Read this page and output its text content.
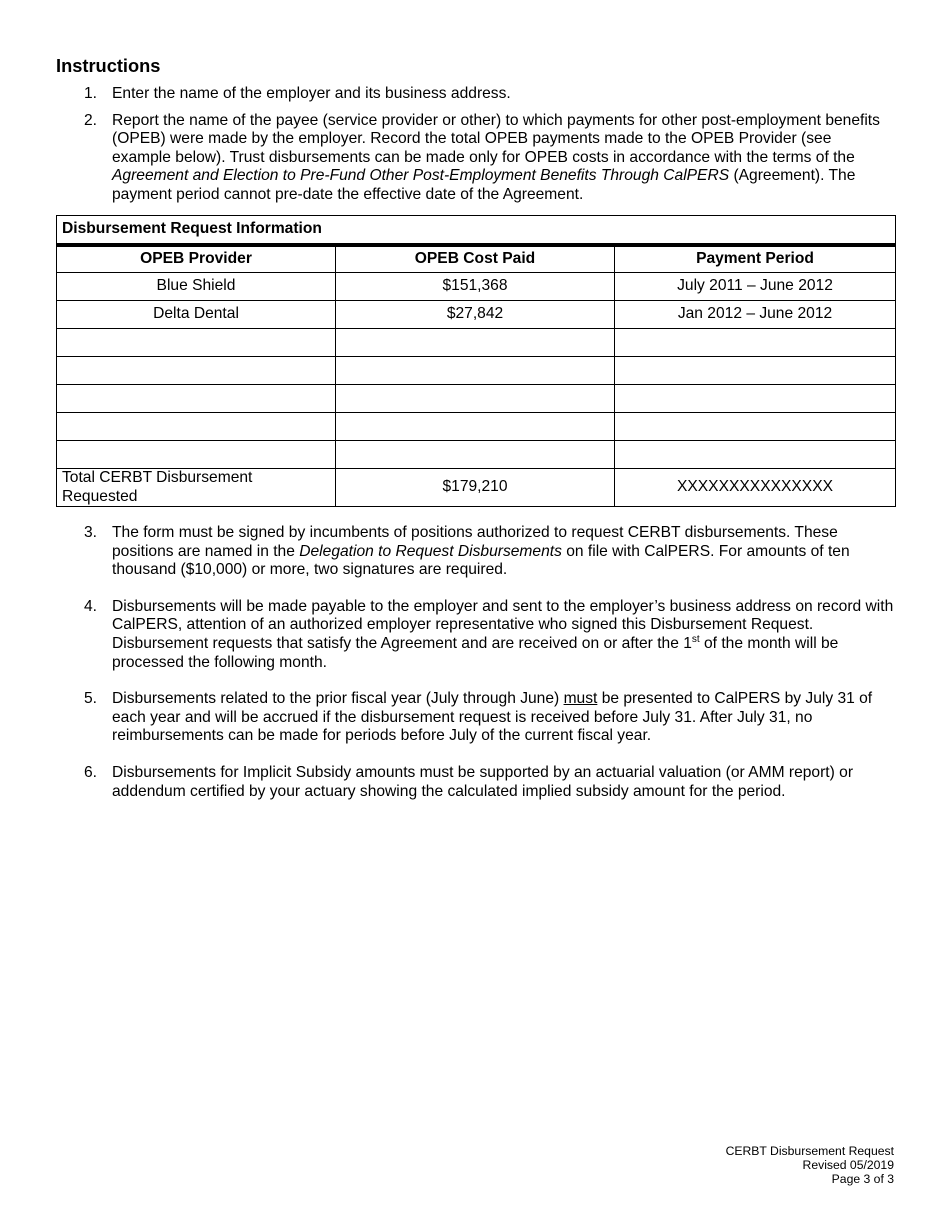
Instructions
1. Enter the name of the employer and its business address.
2. Report the name of the payee (service provider or other) to which payments for other post-employment benefits (OPEB) were made by the employer. Record the total OPEB payments made to the OPEB Provider (see example below). Trust disbursements can be made only for OPEB costs in accordance with the terms of the Agreement and Election to Pre-Fund Other Post-Employment Benefits Through CalPERS (Agreement). The payment period cannot pre-date the effective date of the Agreement.
Disbursement Request Information		
OPEB Provider	OPEB Cost Paid	Payment Period
Blue Shield	$151,368	July 2011 – June 2012
Delta Dental	$27,842	Jan 2012 – June 2012

Total CERBT Disbursement Requested	$179,210	XXXXXXXXXXXXXXX
3. The form must be signed by incumbents of positions authorized to request CERBT disbursements. These positions are named in the Delegation to Request Disbursements on file with CalPERS. For amounts of ten thousand ($10,000) or more, two signatures are required.
4. Disbursements will be made payable to the employer and sent to the employer’s business address on record with CalPERS, attention of an authorized employer representative who signed this Disbursement Request. Disbursement requests that satisfy the Agreement and are received on or after the 1st of the month will be processed the following month.
5. Disbursements related to the prior fiscal year (July through June) must be presented to CalPERS by July 31 of each year and will be accrued if the disbursement request is received before July 31. After July 31, no reimbursements can be made for periods before July of the current fiscal year.
6. Disbursements for Implicit Subsidy amounts must be supported by an actuarial valuation (or AMM report) or addendum certified by your actuary showing the calculated implied subsidy amount for the period.
CERBT Disbursement Request
Revised 05/2019
Page 3 of 3
